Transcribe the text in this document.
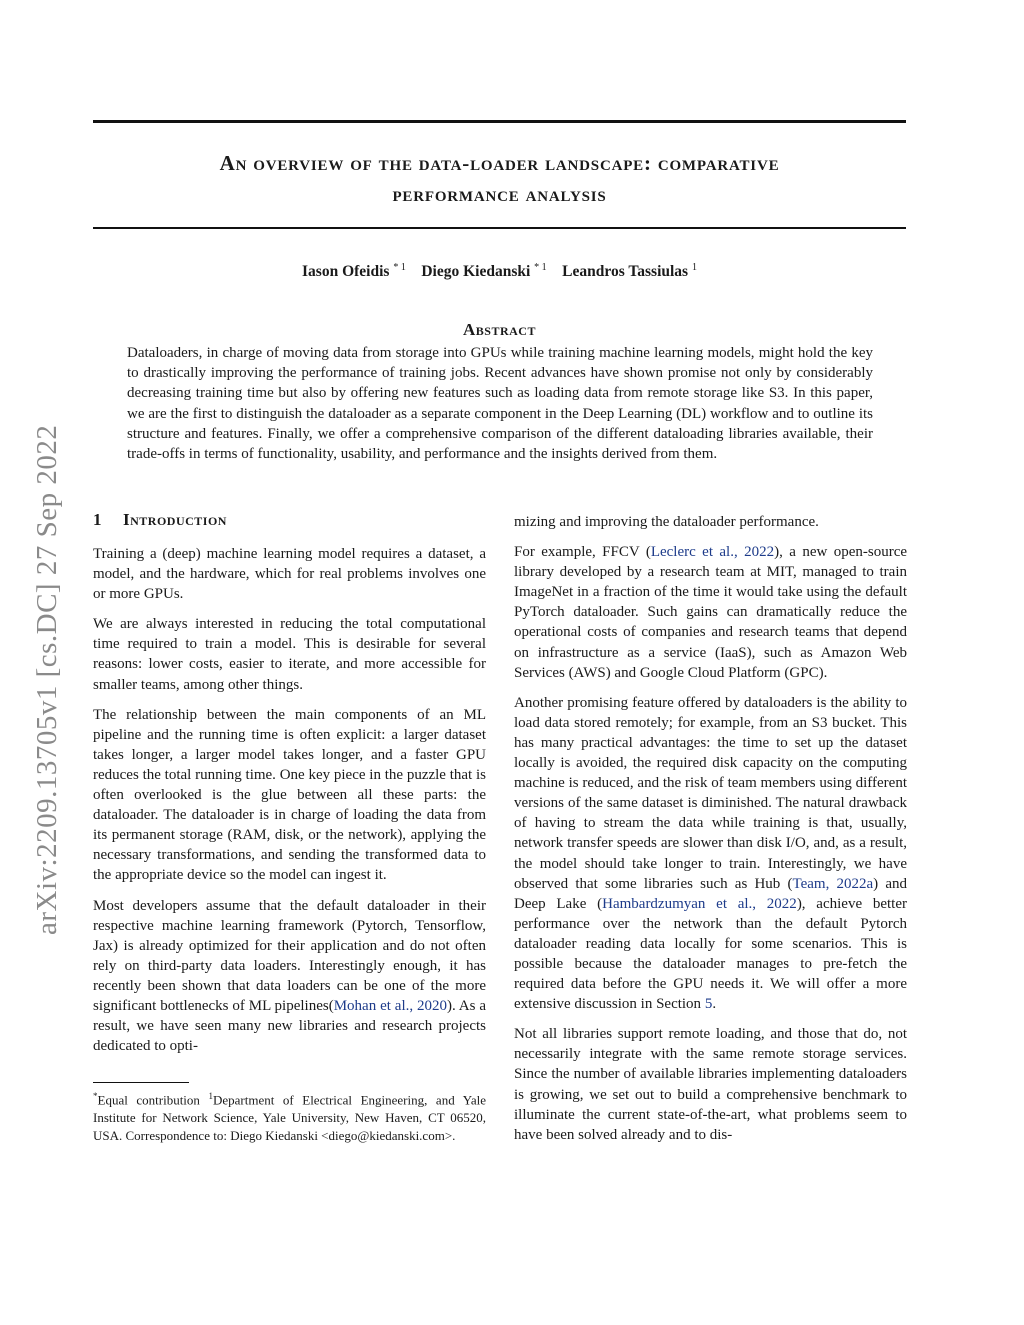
arXiv:2209.13705v1 [cs.DC] 27 Sep 2022
An overview of the data-loader landscape: comparative
performance analysis
Iason Ofeidis $^{* 1}$ Diego Kiedanski $^{* 1}$ Leandros Tassiulas $^1$
Abstract
Dataloaders, in charge of moving data from storage into GPUs while training machine learning models, might hold the key to drastically improving the performance of training jobs. Recent advances have shown promise not only by considerably decreasing training time but also by offering new features such as loading data from remote storage like S3. In this paper, we are the first to distinguish the dataloader as a separate component in the Deep Learning (DL) workflow and to outline its structure and features. Finally, we offer a comprehensive comparison of the different dataloading libraries available, their trade-offs in terms of functionality, usability, and performance and the insights derived from them.
1 Introduction

Training a (deep) machine learning model requires a dataset, a model, and the hardware, which for real problems involves one or more GPUs.

We are always interested in reducing the total computational time required to train a model. This is desirable for several reasons: lower costs, easier to iterate, and more accessible for smaller teams, among other things.

The relationship between the main components of an ML pipeline and the running time is often explicit: a larger dataset takes longer, a larger model takes longer, and a faster GPU reduces the total running time. One key piece in the puzzle that is often overlooked is the glue between all these parts: the dataloader. The dataloader is in charge of loading the data from its permanent storage (RAM, disk, or the network), applying the necessary transformations, and sending the transformed data to the appropriate device so the model can ingest it.

Most developers assume that the default dataloader in their respective machine learning framework (Pytorch, Tensorflow, Jax) is already optimized for their application and do not often rely on third-party data loaders. Interestingly enough, it has recently been shown that data loaders can be one of the more significant bottlenecks of ML pipelines(Mohan et al., 2020). As a result, we have seen many new libraries and research projects dedicated to opti-

*Equal contribution $^1$Department of Electrical Engineering, and Yale Institute for Network Science, Yale University, New Haven, CT 06520, USA. Correspondence to: Diego Kiedanski <diego@kiedanski.com>.

mizing and improving the dataloader performance.

For example, FFCV (Leclerc et al., 2022), a new open-source library developed by a research team at MIT, managed to train ImageNet in a fraction of the time it would take using the default PyTorch dataloader. Such gains can dramatically reduce the operational costs of companies and research teams that depend on infrastructure as a service (IaaS), such as Amazon Web Services (AWS) and Google Cloud Platform (GPC).

Another promising feature offered by dataloaders is the ability to load data stored remotely; for example, from an S3 bucket. This has many practical advantages: the time to set up the dataset locally is avoided, the required disk capacity on the computing machine is reduced, and the risk of team members using different versions of the same dataset is diminished. The natural drawback of having to stream the data while training is that, usually, network transfer speeds are slower than disk I/O, and, as a result, the model should take longer to train. Interestingly, we have observed that some libraries such as Hub (Team, 2022a) and Deep Lake (Hambardzumyan et al., 2022), achieve better performance over the network than the default Pytorch dataloader reading data locally for some scenarios. This is possible because the dataloader manages to pre-fetch the required data before the GPU needs it. We will offer a more extensive discussion in Section 5.

Not all libraries support remote loading, and those that do, not necessarily integrate with the same remote storage services. Since the number of available libraries implementing dataloaders is growing, we set out to build a comprehensive benchmark to illuminate the current state-of-the-art, what problems seem to have been solved already and to dis-
